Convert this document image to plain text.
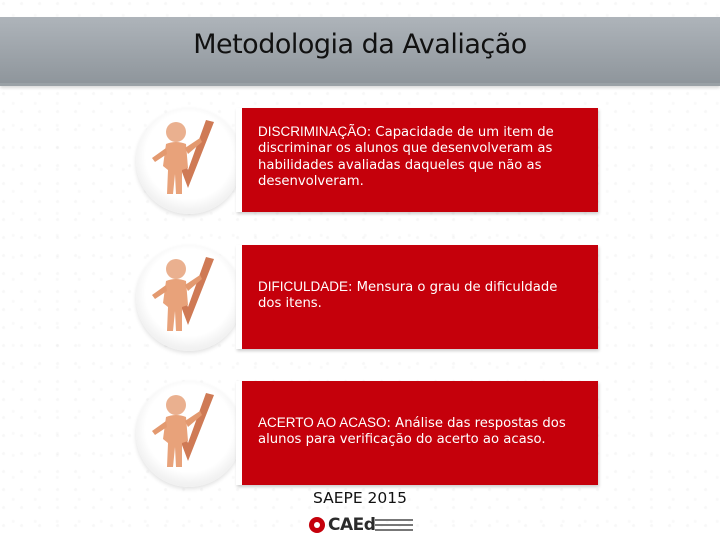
Metodologia da Avaliação
DISCRIMINAÇÃO: Capacidade de um item de discriminar os alunos que desenvolveram as habilidades avaliadas daqueles que não as desenvolveram.
DIFICULDADE: Mensura o grau de dificuldade dos itens.
ACERTO AO ACASO: Análise das respostas dos alunos para verificação do acerto ao acaso.
SAEPE 2015
CAEd
